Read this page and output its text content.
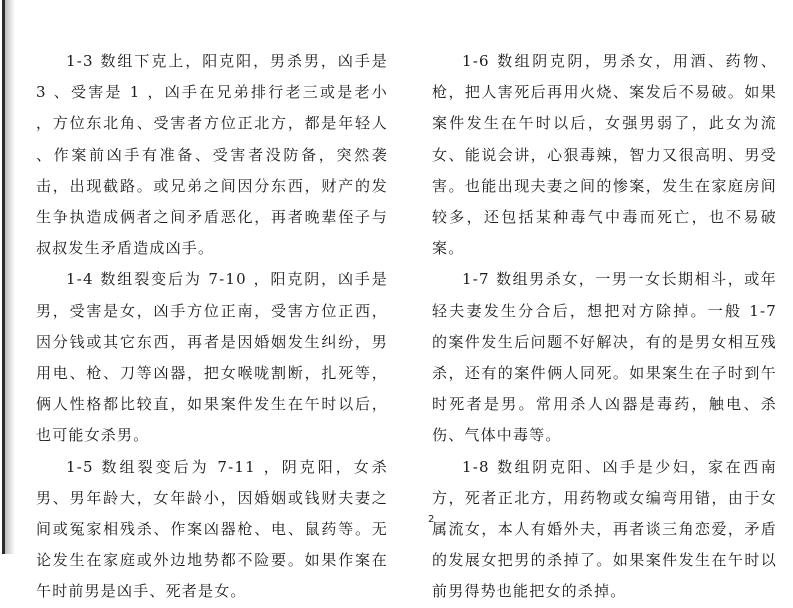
1-3 数组下克上，阳克阳，男杀男，凶手是 3 、受害是 1 ，凶手在兄弟排行老三或是老小 ，方位东北角、受害者方位正北方，都是年轻人 、作案前凶手有准备、受害者没防备，突然袭击，出现截路。或兄弟之间因分东西，财产的发生争执造成俩者之间矛盾恶化，再者晚辈侄子与叔叔发生矛盾造成凶手。

1-4 数组裂变后为 7-10 ，阳克阴，凶手是男，受害是女，凶手方位正南，受害方位正西，因分钱或其它东西，再者是因婚姻发生纠纷，男用电、枪、刀等凶器，把女喉咙割断，扎死等，俩人性格都比较直，如果案件发生在午时以后，也可能女杀男。

1-5 数组裂变后为 7-11 ，阴克阳，女杀男、男年龄大，女年龄小，因婚姻或钱财夫妻之间或冤家相残杀、作案凶器枪、电、鼠药等。无论发生在家庭或外边地势都不险要。如果作案在午时前男是凶手、死者是女。

1-6 数组阴克阴，男杀女，用酒、药物、枪，把人害死后再用火烧、案发后不易破。如果案件发生在午时以后，女强男弱了，此女为流女、能说会讲，心狠毒辣，智力又很高明、男受害。也能出现夫妻之间的惨案，发生在家庭房间较多，还包括某种毒气中毒而死亡，也不易破案。

1-7 数组男杀女，一男一女长期相斗，或年轻夫妻发生分合后，想把对方除掉。一般 1-7 的案件发生后问题不好解决，有的是男女相互残杀，还有的案件俩人同死。如果案生在子时到午时死者是男。常用杀人凶器是毒药，触电、杀伤、气体中毒等。

1-8 数组阴克阳、凶手是少妇，家在西南方，死者正北方，用药物或女编弯用错，由于女属流女，本人有婚外夫，再者谈三角恋爱，矛盾的发展女把男的杀掉了。如果案件发生在午时以前男得势也能把女的杀掉。

2
